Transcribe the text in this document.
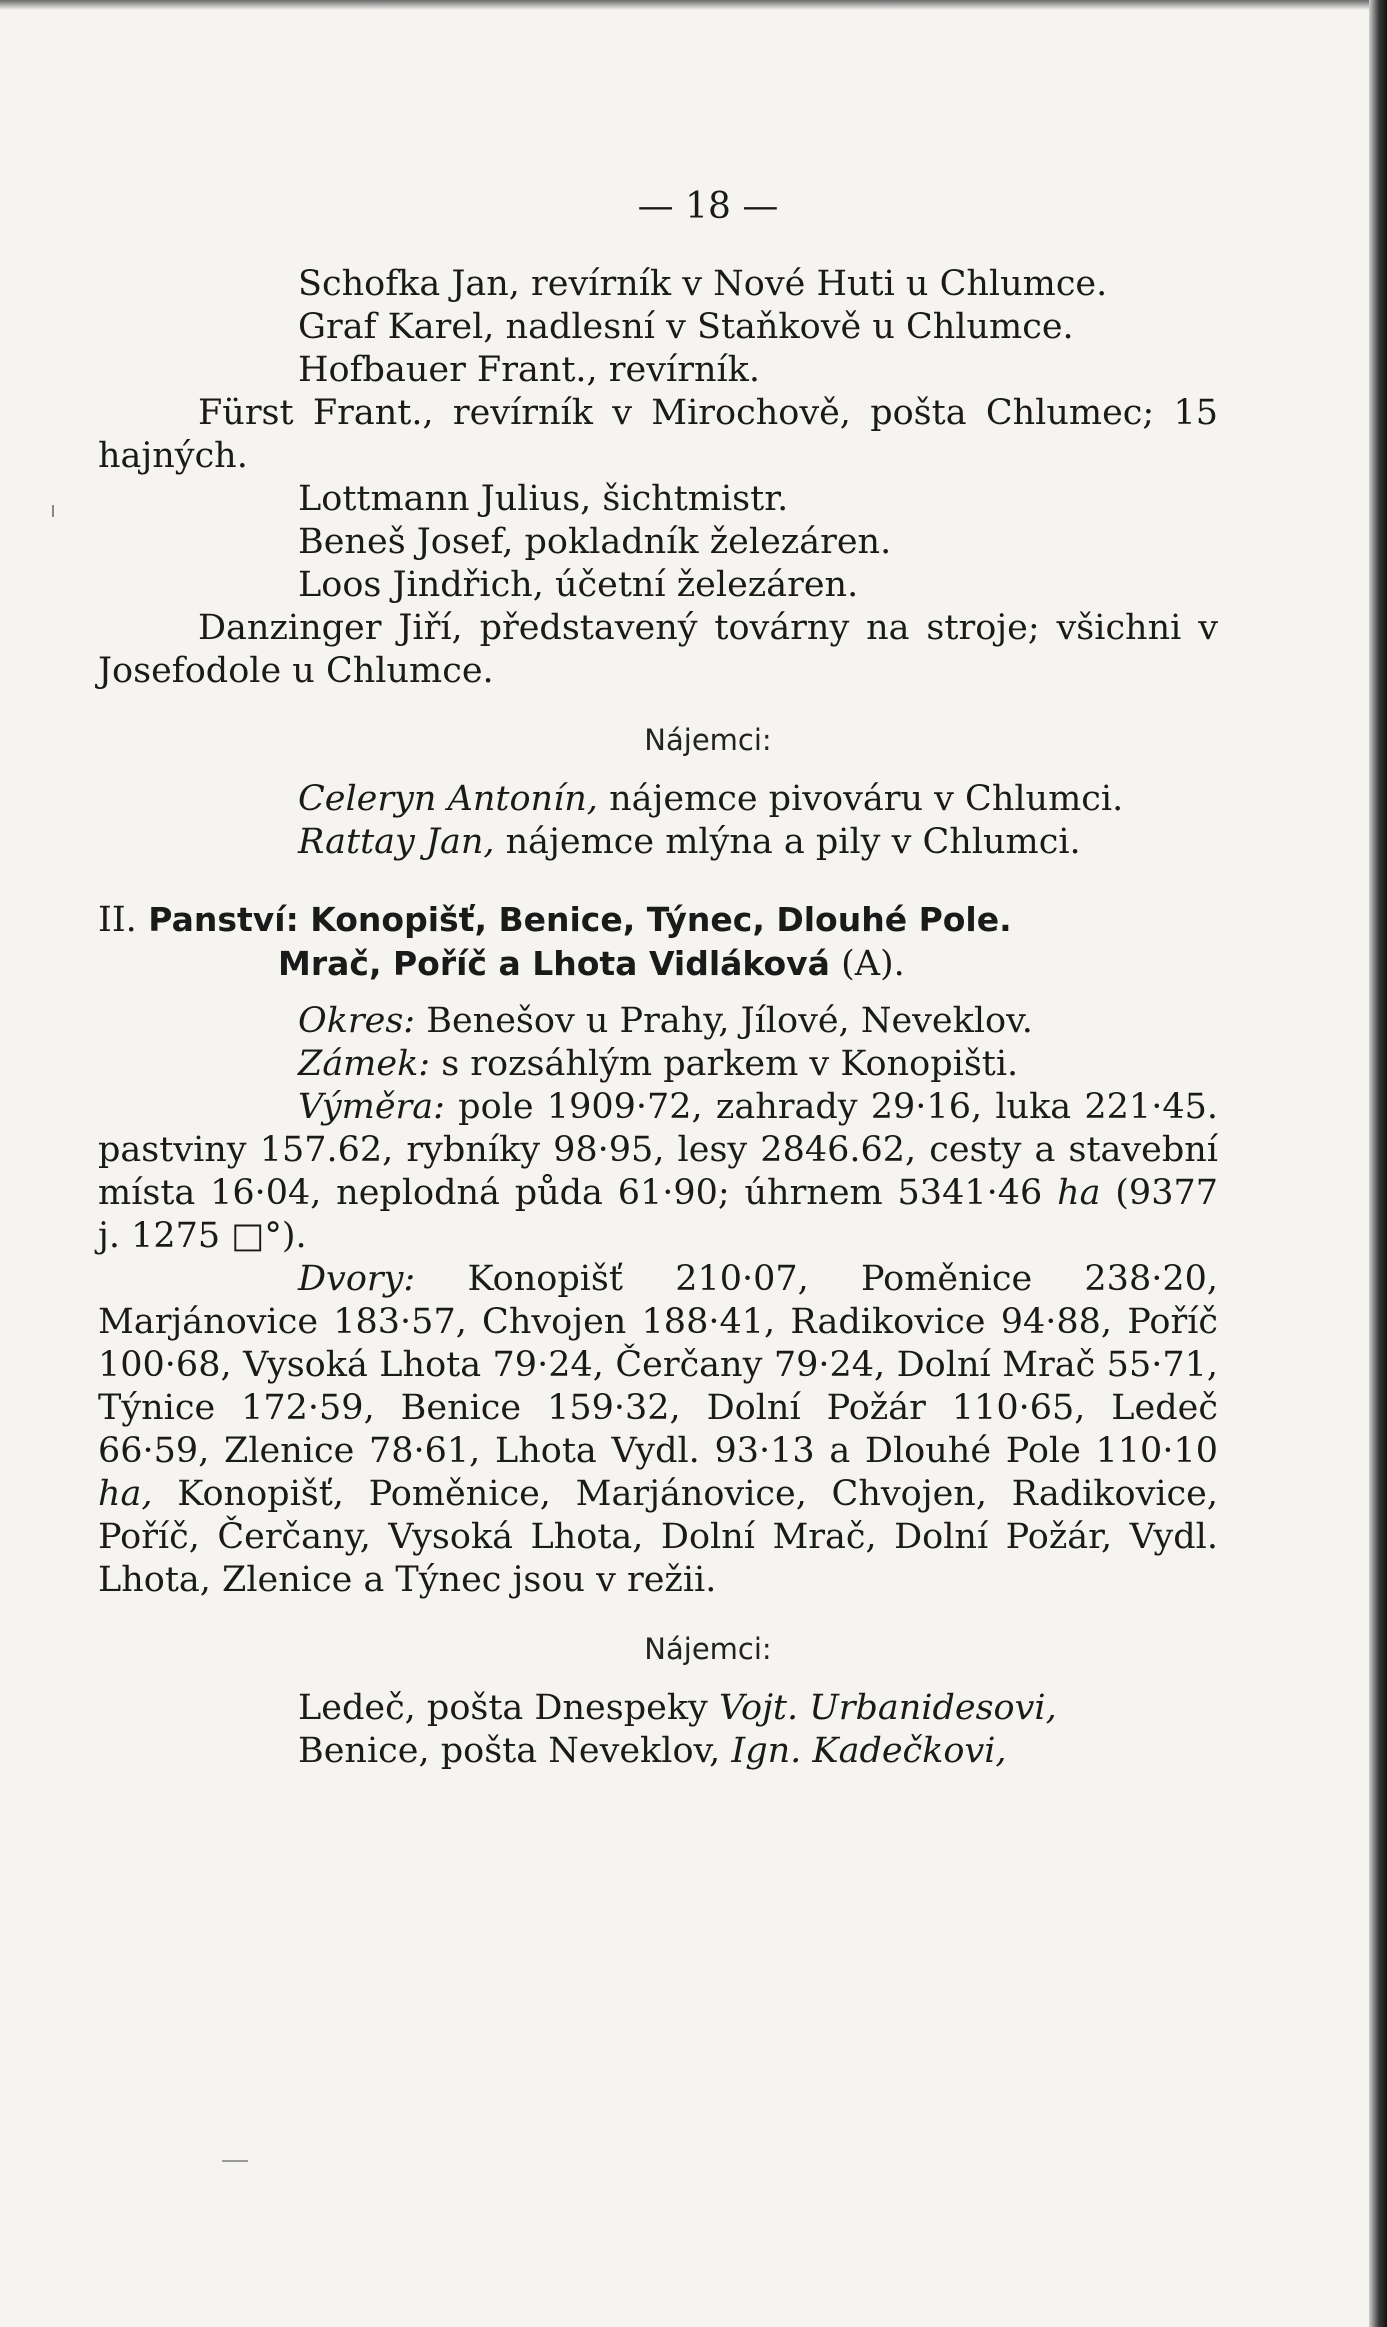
— 18 —

Schofka Jan, revírník v Nové Huti u Chlumce.

Graf Karel, nadlesní v Staňkově u Chlumce.

Hofbauer Frant., revírník.

Fürst Frant., revírník v Mirochově, pošta Chlumec; 15 hajných.

Lottmann Julius, šichtmistr.

Beneš Josef, pokladník železáren.

Loos Jindřich, účetní železáren.

Danzinger Jiří, představený továrny na stroje; všichni v Josefodole u Chlumce.

Nájemci:

Celeryn Antonín, nájemce pivováru v Chlumci.

Rattay Jan, nájemce mlýna a pily v Chlumci.

II. Panství: Konopišť, Benice, Týnec, Dlouhé Pole.
Mrač, Poříč a Lhota Vidláková (A).

Okres: Benešov u Prahy, Jílové, Neveklov.

Zámek: s rozsáhlým parkem v Konopišti.

Výměra: pole 1909·72, zahrady 29·16, luka 221·45. pastviny 157.62, rybníky 98·95, lesy 2846.62, cesty a stavební místa 16·04, neplodná půda 61·90; úhrnem 5341·46 ha (9377 j. 1275 □°).

Dvory: Konopišť 210·07, Poměnice 238·20, Marjánovice 183·57, Chvojen 188·41, Radikovice 94·88, Poříč 100·68, Vysoká Lhota 79·24, Čerčany 79·24, Dolní Mrač 55·71, Týnice 172·59, Benice 159·32, Dolní Požár 110·65, Ledeč 66·59, Zlenice 78·61, Lhota Vydl. 93·13 a Dlouhé Pole 110·10 ha, Konopišť, Poměnice, Marjánovice, Chvojen, Radikovice, Poříč, Čerčany, Vysoká Lhota, Dolní Mrač, Dolní Požár, Vydl. Lhota, Zlenice a Týnec jsou v režii.

Nájemci:

Ledeč, pošta Dnespeky Vojt. Urbanidesovi,

Benice, pošta Neveklov, Ign. Kadečkovi,
